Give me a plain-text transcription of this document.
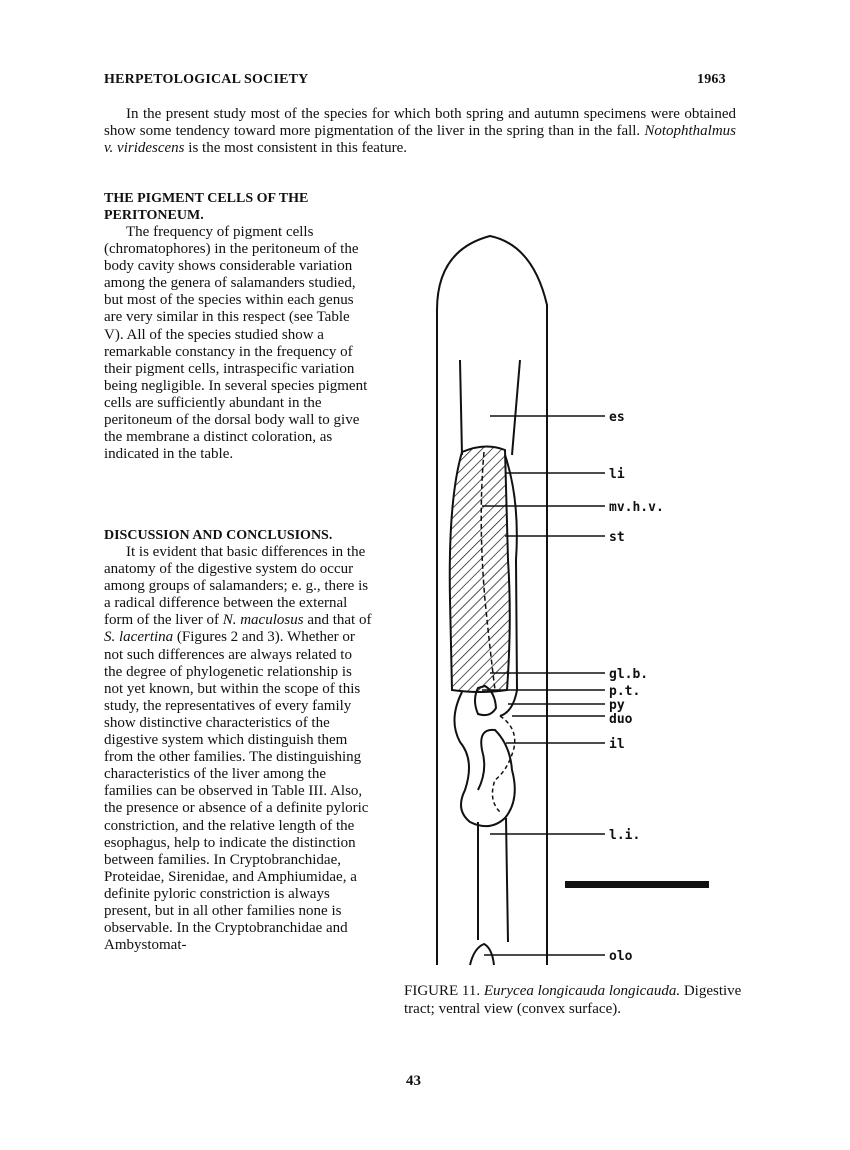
HERPETOLOGICAL SOCIETY	1963
In the present study most of the species for which both spring and autumn specimens were obtained show some tendency toward more pigmentation of the liver in the spring than in the fall. Notophthalmus v. viridescens is the most consistent in this feature.
THE PIGMENT CELLS OF THE PERITONEUM.

The frequency of pigment cells (chromatophores) in the peritoneum of the body cavity shows considerable variation among the genera of salamanders studied, but most of the species within each genus are very similar in this respect (see Table V). All of the species studied show a remarkable constancy in the frequency of their pigment cells, intraspecific variation being negligible. In several species pigment cells are sufficiently abundant in the peritoneum of the dorsal body wall to give the membrane a distinct coloration, as indicated in the table.

DISCUSSION AND CONCLUSIONS.

It is evident that basic differences in the anatomy of the digestive system do occur among groups of salamanders; e. g., there is a radical difference between the external form of the liver of N. maculosus and that of S. lacertina (Figures 2 and 3). Whether or not such differences are always related to the degree of phylogenetic relationship is not yet known, but within the scope of this study, the representatives of every family show distinctive characteristics of the digestive system which distinguish them from the other families. The distinguishing characteristics of the liver among the families can be observed in Table III. Also, the presence or absence of a definite pyloric constriction, and the relative length of the esophagus, help to indicate the distinction between families. In Cryptobranchidae, Proteidae, Sirenidae, and Amphiumidae, a definite pyloric constriction is always present, but in all other families none is observable. In the Cryptobranchidae and Ambystomat-

es
li
mv.h.v.
st
gl.b.
p.t.
py
duo
il
l.i.
olo
FIGURE 11. Eurycea longicauda longicauda. Digestive tract; ventral view (convex surface).
43
